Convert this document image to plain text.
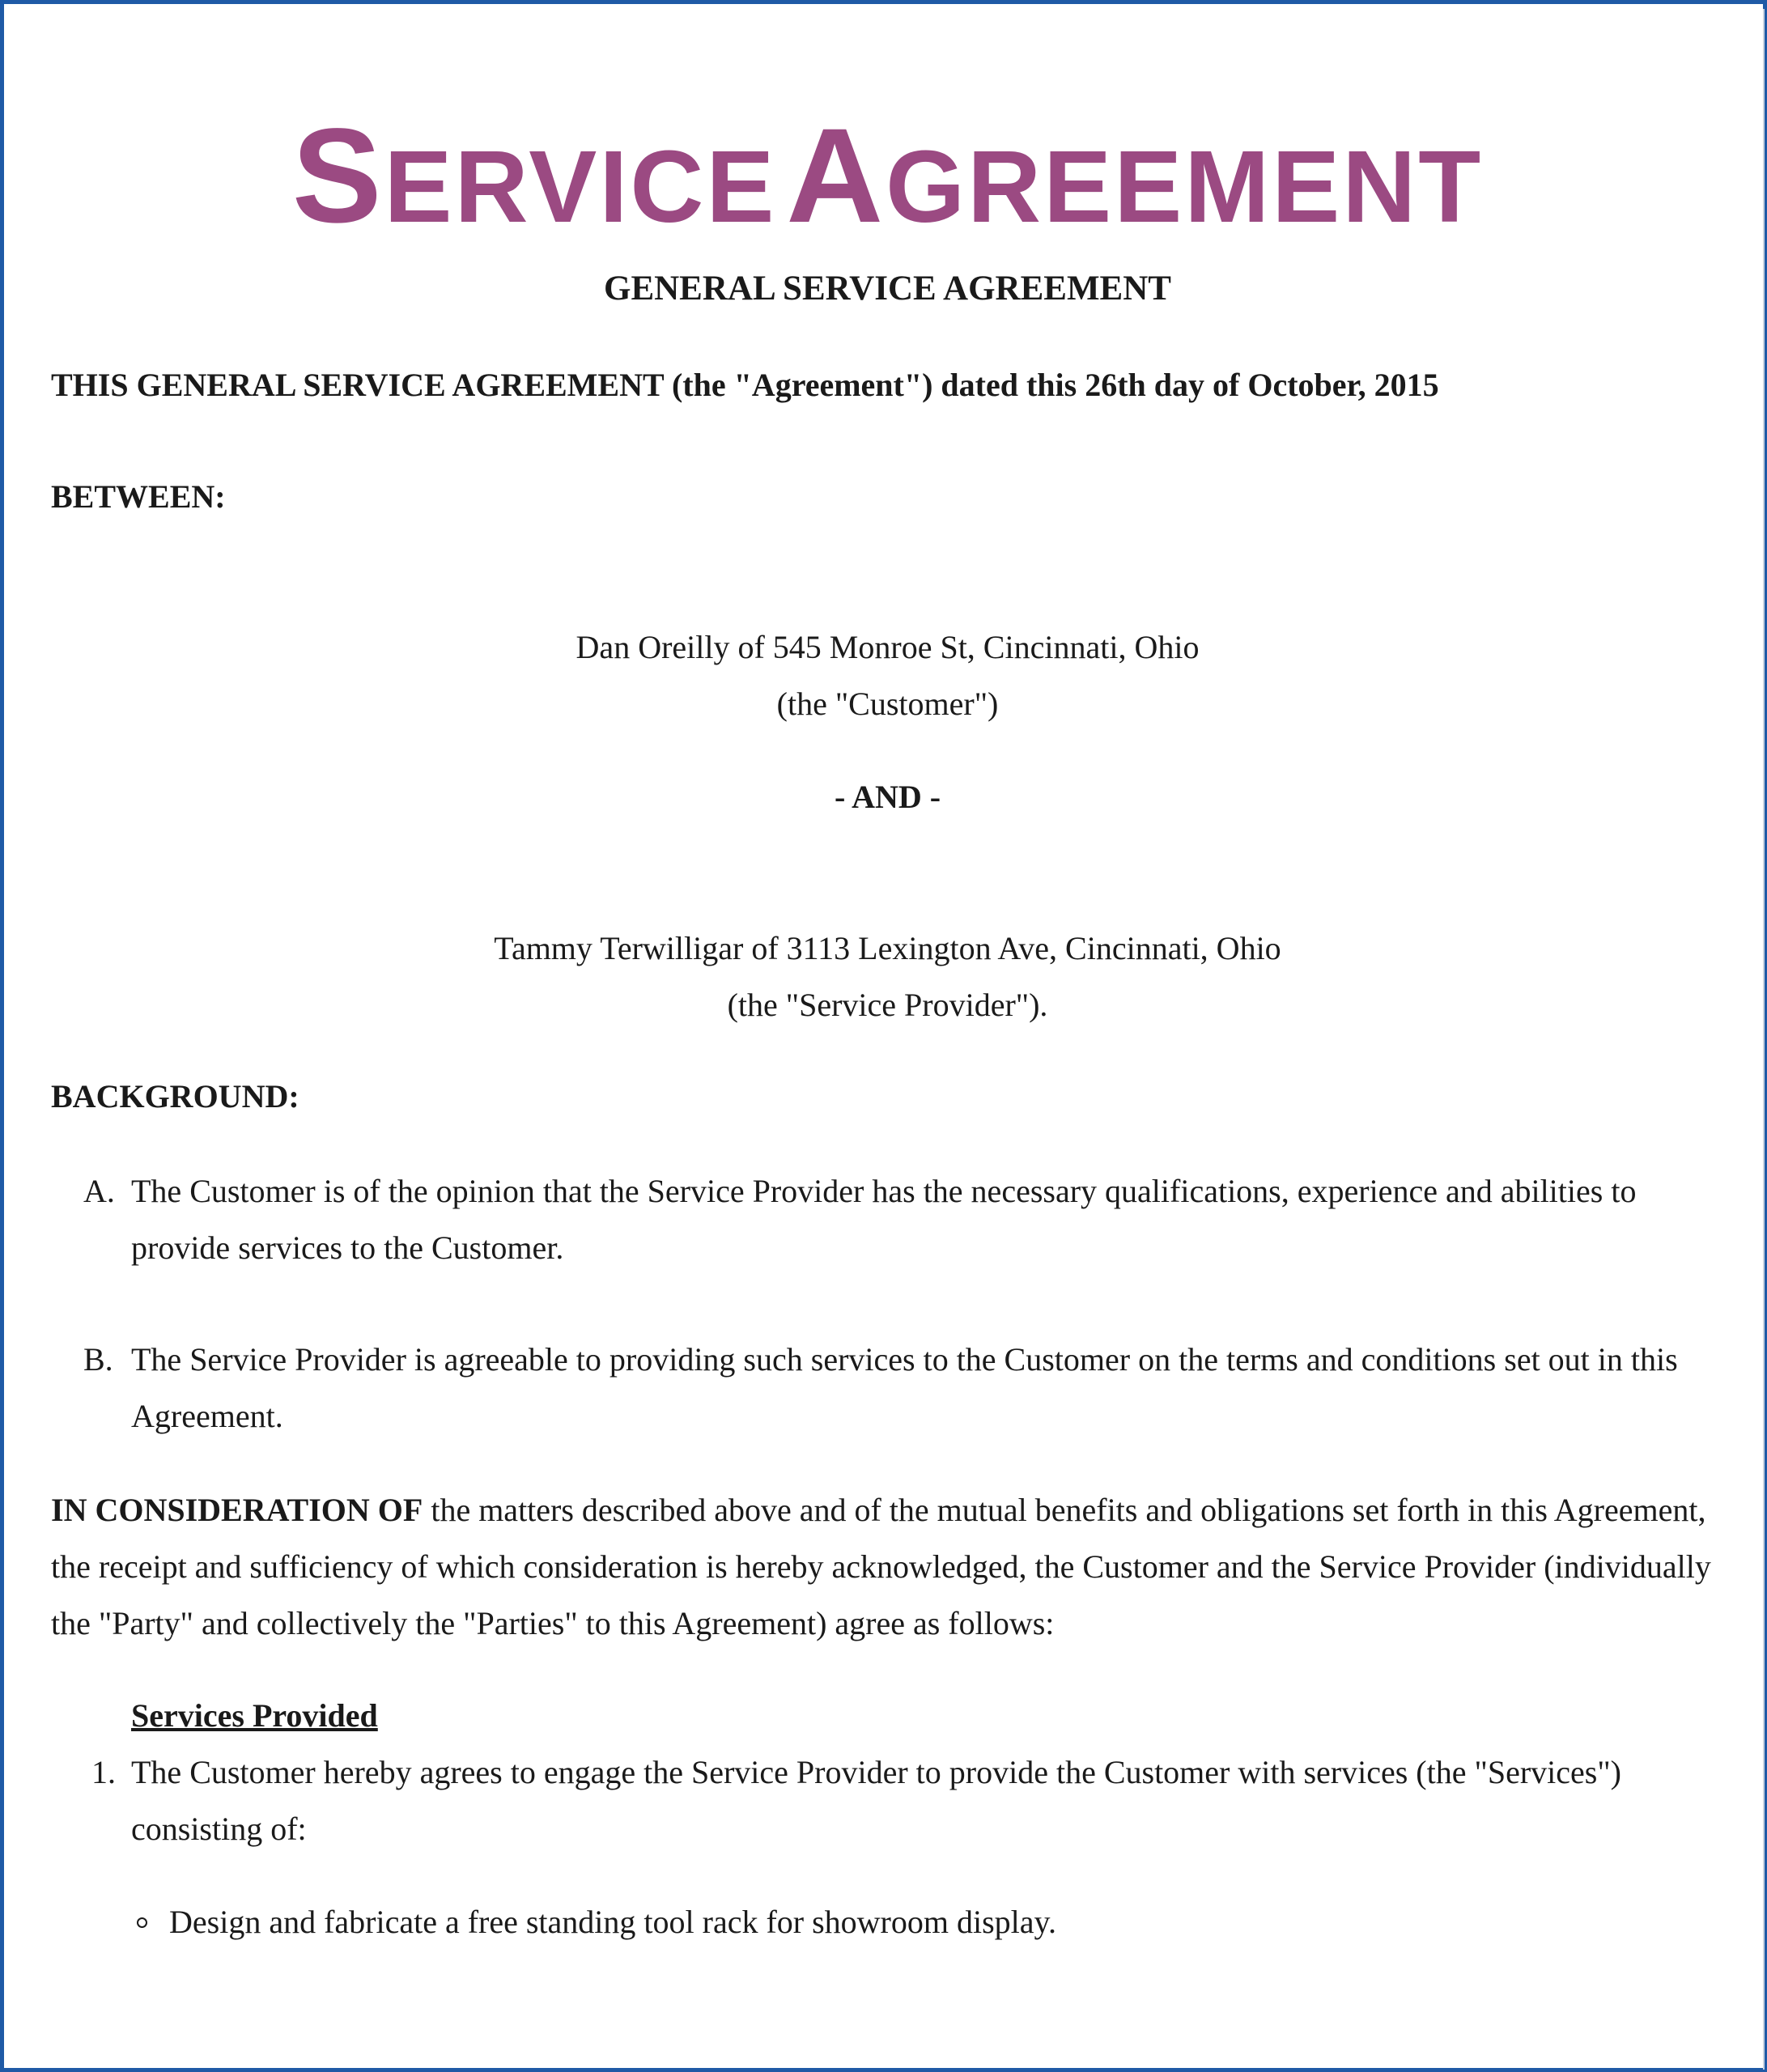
SERVICE AGREEMENT
GENERAL SERVICE AGREEMENT

THIS GENERAL SERVICE AGREEMENT (the "Agreement") dated this 26th day of October, 2015

BETWEEN:

Dan Oreilly of 545 Monroe St, Cincinnati, Ohio

(the "Customer")

- AND -

Tammy Terwilligar of 3113 Lexington Ave, Cincinnati, Ohio

(the "Service Provider").

BACKGROUND:

A. The Customer is of the opinion that the Service Provider has the necessary qualifications, experience and abilities to

provide services to the Customer.

B. The Service Provider is agreeable to providing such services to the Customer on the terms and conditions set out in this

Agreement.

IN CONSIDERATION OF the matters described above and of the mutual benefits and obligations set forth in this Agreement,

the receipt and sufficiency of which consideration is hereby acknowledged, the Customer and the Service Provider (individually

the "Party" and collectively the "Parties" to this Agreement) agree as follows:

Services Provided

1. The Customer hereby agrees to engage the Service Provider to provide the Customer with services (the "Services")

consisting of:

Design and fabricate a free standing tool rack for showroom display.
